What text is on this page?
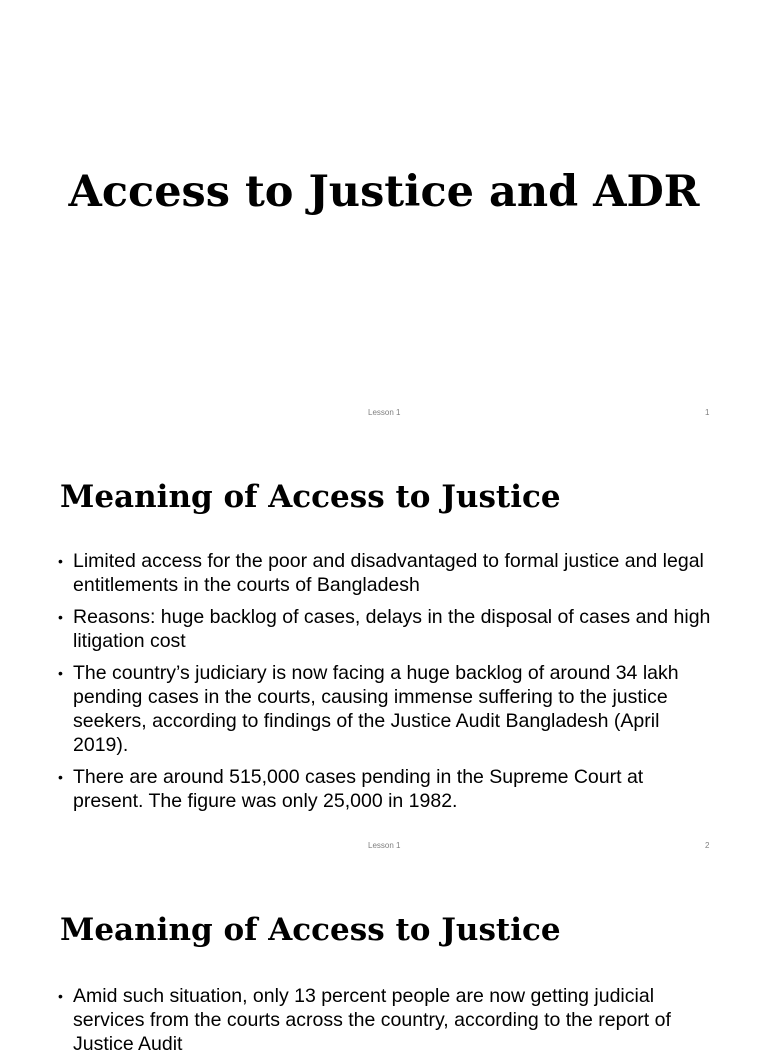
Access to Justice and ADR
Lesson 1	1
Meaning of Access to Justice
• Limited access for the poor and disadvantaged to formal justice and legal entitlements in the courts of Bangladesh
• Reasons: huge backlog of cases, delays in the disposal of cases and high litigation cost
• The country’s judiciary is now facing a huge backlog of around 34 lakh pending cases in the courts, causing immense suffering to the justice seekers, according to findings of the Justice Audit Bangladesh (April 2019).
• There are around 515,000 cases pending in the Supreme Court at present. The figure was only 25,000 in 1982.
Lesson 1	2
Meaning of Access to Justice
• Amid such situation, only 13 percent people are now getting judicial services from the courts across the country, according to the report of Justice Audit
